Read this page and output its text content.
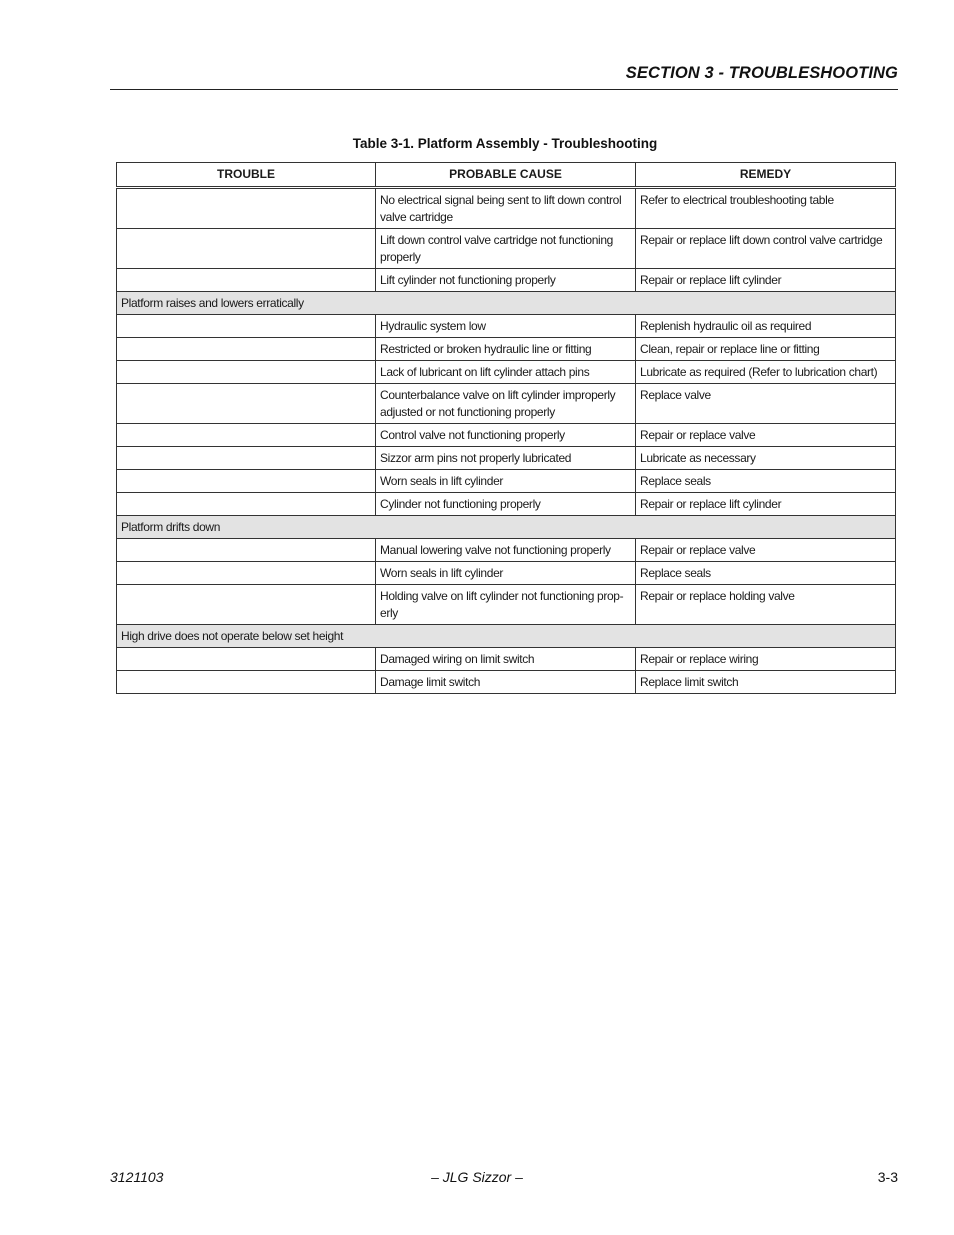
SECTION 3 - TROUBLESHOOTING
Table 3-1. Platform Assembly - Troubleshooting
TROUBLE	PROBABLE CAUSE	REMEDY
	No electrical signal being sent to lift down control valve cartridge	Refer to electrical troubleshooting table
	Lift down control valve cartridge not functioning properly	Repair or replace lift down control valve cartridge
	Lift cylinder not functioning properly	Repair or replace lift cylinder
Platform raises and lowers erratically		
	Hydraulic system low	Replenish hydraulic oil as required
	Restricted or broken hydraulic line or fitting	Clean, repair or replace line or fitting
	Lack of lubricant on lift cylinder attach pins	Lubricate as required (Refer to lubrication chart)
	Counterbalance valve on lift cylinder improperly adjusted or not functioning properly	Replace valve
	Control valve not functioning properly	Repair or replace valve
	Sizzor arm pins not properly lubricated	Lubricate as necessary
	Worn seals in lift cylinder	Replace seals
	Cylinder not functioning properly	Repair or replace lift cylinder
Platform drifts down		
	Manual lowering valve not functioning properly	Repair or replace valve
	Worn seals in lift cylinder	Replace seals
	Holding valve on lift cylinder not functioning prop-erly	Repair or replace holding valve
High drive does not operate below set height		
	Damaged wiring on limit switch	Repair or replace wiring
	Damage limit switch	Replace limit switch
3121103	– JLG Sizzor –	3-3
